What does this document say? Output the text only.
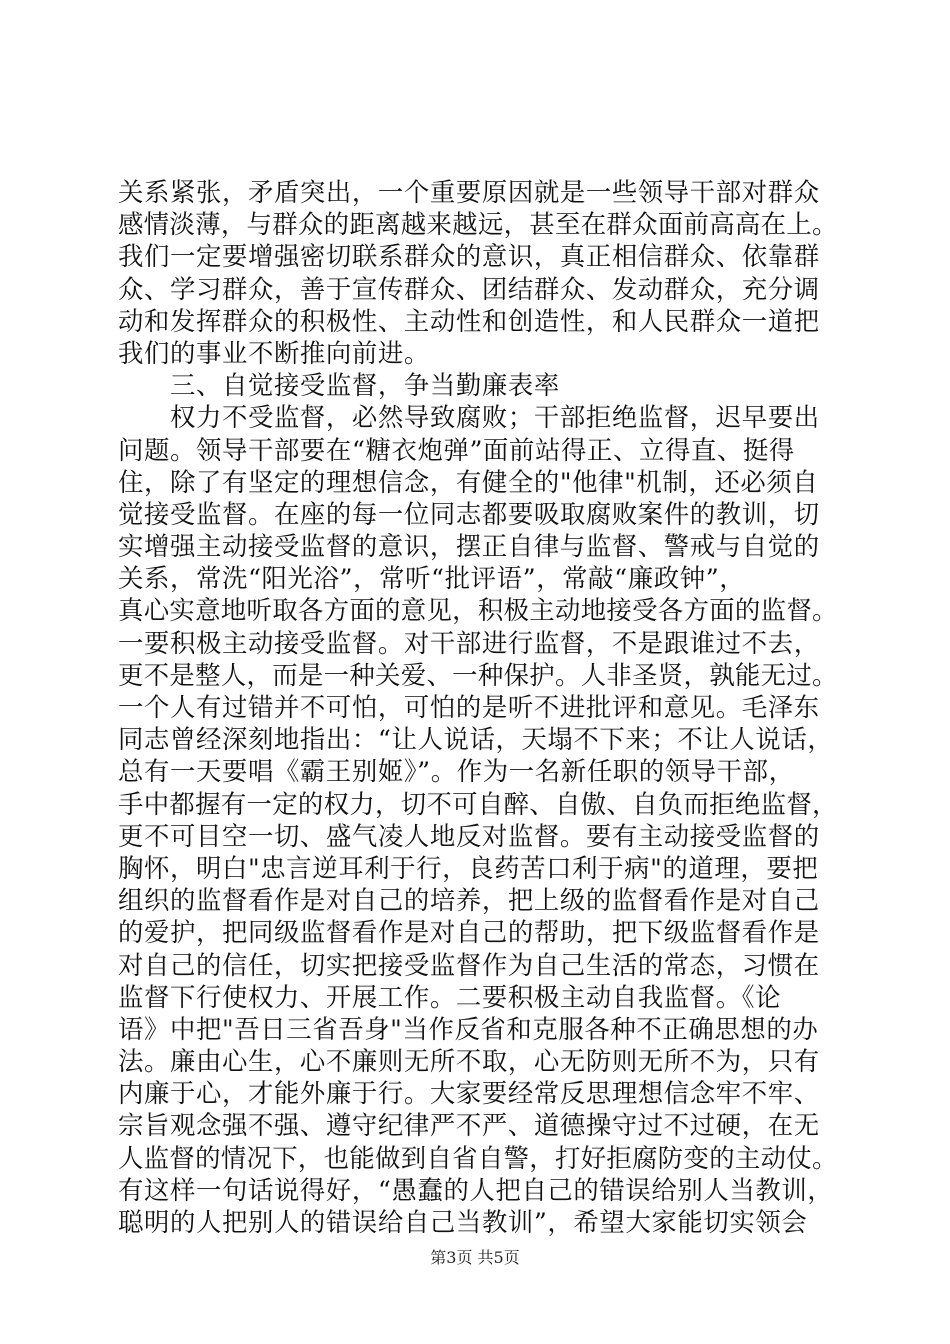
关系紧张，矛盾突出，一个重要原因就是一些领导干部对群众
感情淡薄，与群众的距离越来越远，甚至在群众面前高高在上。
我们一定要增强密切联系群众的意识，真正相信群众、依靠群
众、学习群众，善于宣传群众、团结群众、发动群众，充分调
动和发挥群众的积极性、主动性和创造性，和人民群众一道把
我们的事业不断推向前进。
　　三、自觉接受监督，争当勤廉表率
　　权力不受监督，必然导致腐败；干部拒绝监督，迟早要出
问题。领导干部要在“糖衣炮弹”面前站得正、立得直、挺得
住，除了有坚定的理想信念，有健全的"他律"机制，还必须自
觉接受监督。在座的每一位同志都要吸取腐败案件的教训，切
实增强主动接受监督的意识，摆正自律与监督、警戒与自觉的
关系，常洗“阳光浴”，常听“批评语”，常敲“廉政钟”，
真心实意地听取各方面的意见，积极主动地接受各方面的监督。
一要积极主动接受监督。对干部进行监督，不是跟谁过不去，
更不是整人，而是一种关爱、一种保护。人非圣贤，孰能无过。
一个人有过错并不可怕，可怕的是听不进批评和意见。毛泽东
同志曾经深刻地指出：“让人说话，天塌不下来；不让人说话，
总有一天要唱《霸王别姬》”。作为一名新任职的领导干部，
手中都握有一定的权力，切不可自醉、自傲、自负而拒绝监督，
更不可目空一切、盛气凌人地反对监督。要有主动接受监督的
胸怀，明白"忠言逆耳利于行，良药苦口利于病"的道理，要把
组织的监督看作是对自己的培养，把上级的监督看作是对自己
的爱护，把同级监督看作是对自己的帮助，把下级监督看作是
对自己的信任，切实把接受监督作为自己生活的常态，习惯在
监督下行使权力、开展工作。二要积极主动自我监督。《论
语》中把"吾日三省吾身"当作反省和克服各种不正确思想的办
法。廉由心生，心不廉则无所不取，心无防则无所不为，只有
内廉于心，才能外廉于行。大家要经常反思理想信念牢不牢、
宗旨观念强不强、遵守纪律严不严、道德操守过不过硬，在无
人监督的情况下，也能做到自省自警，打好拒腐防变的主动仗。
有这样一句话说得好，“愚蠢的人把自己的错误给别人当教训，
聪明的人把别人的错误给自己当教训”，希望大家能切实领会
第3页 共5页
